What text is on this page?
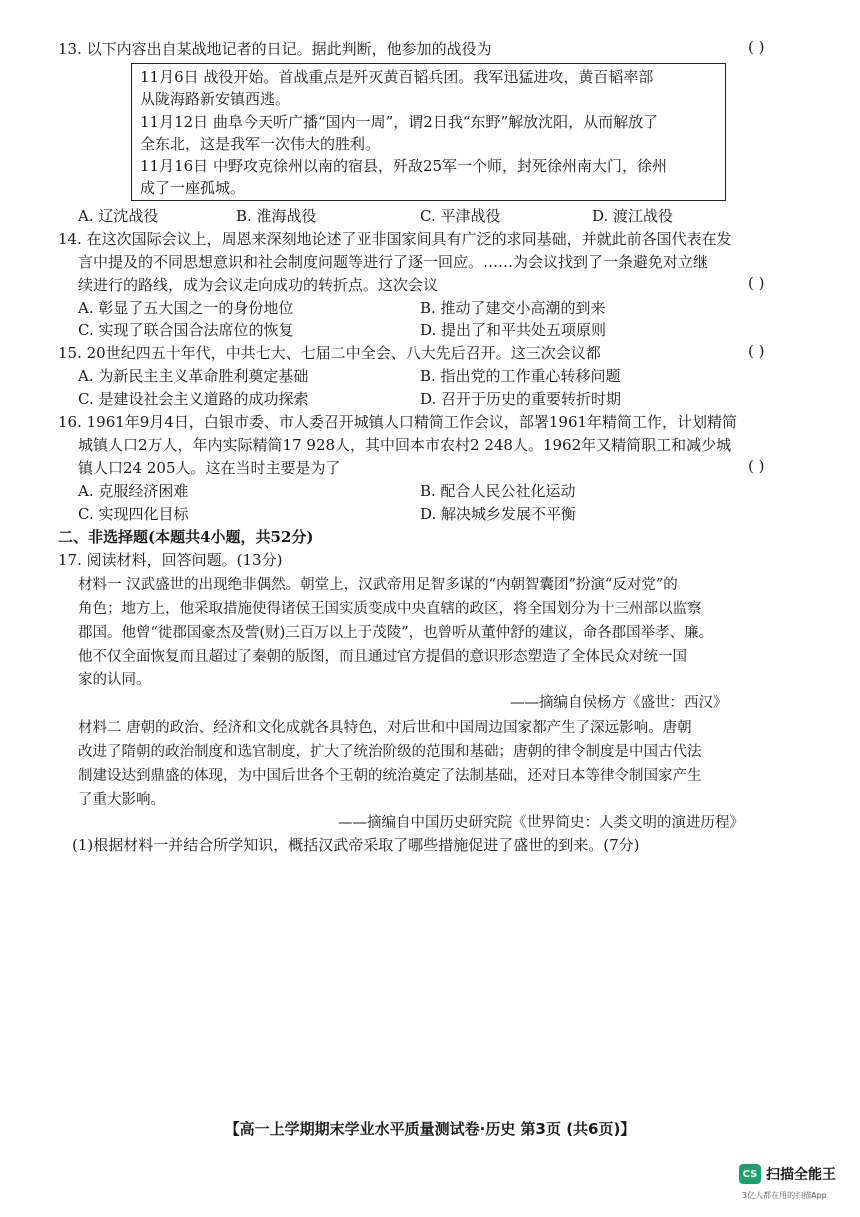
13. 以下内容出自某战地记者的日记。据此判断，他参加的战役为	( )
11月6日 战役开始。首战重点是歼灭黄百韬兵团。我军迅猛进攻，黄百韬率部
从陇海路新安镇西逃。
11月12日 曲阜今天听广播“国内一周”，谓2日我“东野”解放沈阳，从而解放了
全东北，这是我军一次伟大的胜利。
11月16日 中野攻克徐州以南的宿县，歼敌25军一个师，封死徐州南大门，徐州
成了一座孤城。
A. 辽沈战役	B. 淮海战役	C. 平津战役	D. 渡江战役
14. 在这次国际会议上，周恩来深刻地论述了亚非国家间具有广泛的求同基础，并就此前各国代表在发
言中提及的不同思想意识和社会制度问题等进行了逐一回应。……为会议找到了一条避免对立继
续进行的路线，成为会议走向成功的转折点。这次会议	( )
A. 彰显了五大国之一的身份地位	B. 推动了建交小高潮的到来
C. 实现了联合国合法席位的恢复	D. 提出了和平共处五项原则
15. 20世纪四五十年代，中共七大、七届二中全会、八大先后召开。这三次会议都	( )
A. 为新民主主义革命胜利奠定基础	B. 指出党的工作重心转移问题
C. 是建设社会主义道路的成功探索	D. 召开于历史的重要转折时期
16. 1961年9月4日，白银市委、市人委召开城镇人口精简工作会议，部署1961年精简工作，计划精简
城镇人口2万人，年内实际精简17 928人，其中回本市农村2 248人。1962年又精简职工和减少城
镇人口24 205人。这在当时主要是为了	( )
A. 克服经济困难	B. 配合人民公社化运动
C. 实现四化目标	D. 解决城乡发展不平衡
二、非选择题(本题共4小题，共52分)
17. 阅读材料，回答问题。(13分)
材料一 汉武盛世的出现绝非偶然。朝堂上，汉武帝用足智多谋的“内朝智囊团”扮演“反对党”的
角色；地方上，他采取措施使得诸侯王国实质变成中央直辖的政区，将全国划分为十三州部以监察
郡国。他曾“徙郡国豪杰及訾(财)三百万以上于茂陵”，也曾听从董仲舒的建议，命各郡国举孝、廉。
他不仅全面恢复而且超过了秦朝的版图，而且通过官方提倡的意识形态塑造了全体民众对统一国
家的认同。
——摘编自侯杨方《盛世：西汉》
材料二 唐朝的政治、经济和文化成就各具特色，对后世和中国周边国家都产生了深远影响。唐朝
改进了隋朝的政治制度和选官制度，扩大了统治阶级的范围和基础；唐朝的律令制度是中国古代法
制建设达到鼎盛的体现，为中国后世各个王朝的统治奠定了法制基础，还对日本等律令制国家产生
了重大影响。
——摘编自中国历史研究院《世界简史：人类文明的演进历程》
(1)根据材料一并结合所学知识，概括汉武帝采取了哪些措施促进了盛世的到来。(7分)
【高一上学期期末学业水平质量测试卷·历史 第3页 (共6页)】
CS 扫描全能王
3亿人都在用的扫描App
